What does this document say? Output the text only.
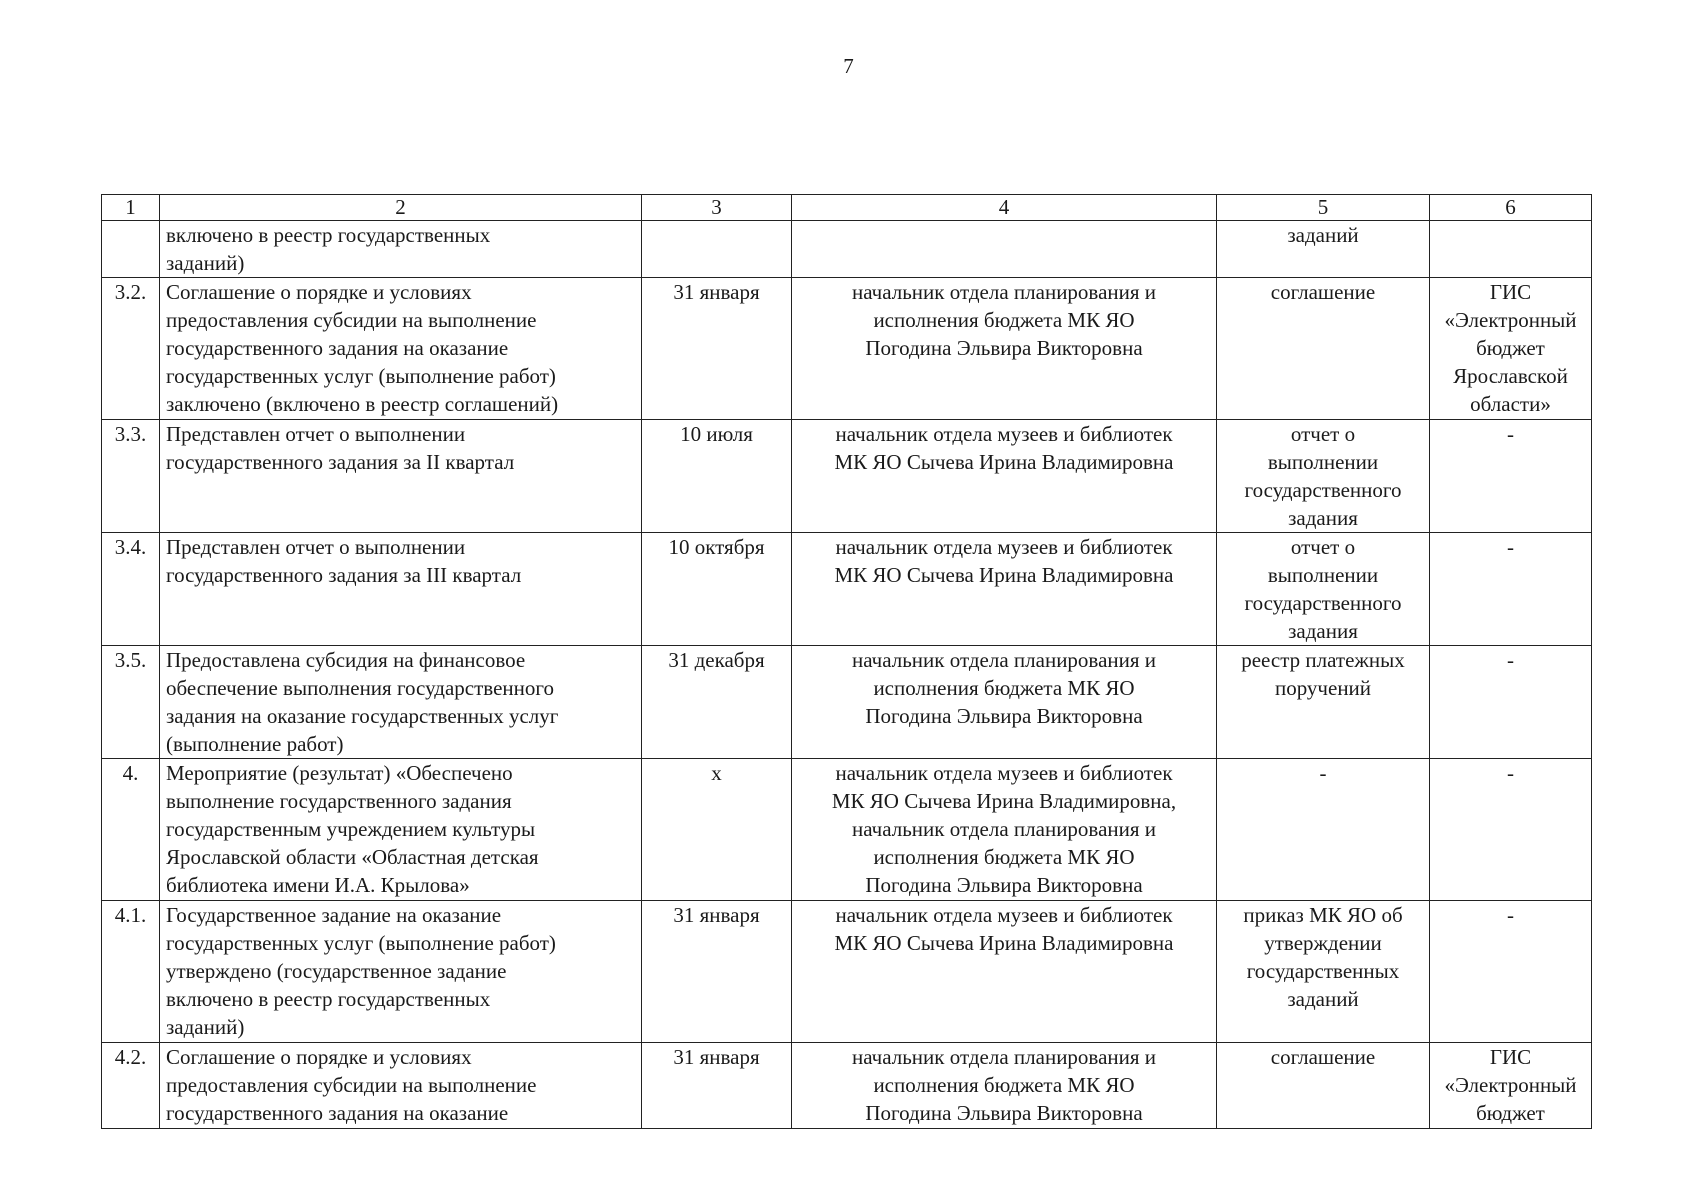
7
1	2	3	4	5	6
	включено в реестр государственных
заданий)			заданий	
3.2.	Соглашение о порядке и условиях
предоставления субсидии на выполнение
государственного задания на оказание
государственных услуг (выполнение работ)
заключено (включено в реестр соглашений)	31 января	начальник отдела планирования и
исполнения бюджета МК ЯО
Погодина Эльвира Викторовна	соглашение	ГИС
«Электронный
бюджет
Ярославской
области»
3.3.	Представлен отчет о выполнении
государственного задания за II квартал	10 июля	начальник отдела музеев и библиотек
МК ЯО Сычева Ирина Владимировна	отчет о
выполнении
государственного
задания	-
3.4.	Представлен отчет о выполнении
государственного задания за III квартал	10 октября	начальник отдела музеев и библиотек
МК ЯО Сычева Ирина Владимировна	отчет о
выполнении
государственного
задания	-
3.5.	Предоставлена субсидия на финансовое
обеспечение выполнения государственного
задания на оказание государственных услуг
(выполнение работ)	31 декабря	начальник отдела планирования и
исполнения бюджета МК ЯО
Погодина Эльвира Викторовна	реестр платежных
поручений	-
4.	Мероприятие (результат) «Обеспечено
выполнение государственного задания
государственным учреждением культуры
Ярославской области «Областная детская
библиотека имени И.А. Крылова»	х	начальник отдела музеев и библиотек
МК ЯО Сычева Ирина Владимировна,
начальник отдела планирования и
исполнения бюджета МК ЯО
Погодина Эльвира Викторовна	-	-
4.1.	Государственное задание на оказание
государственных услуг (выполнение работ)
утверждено (государственное задание
включено в реестр государственных
заданий)	31 января	начальник отдела музеев и библиотек
МК ЯО Сычева Ирина Владимировна	приказ МК ЯО об
утверждении
государственных
заданий	-
4.2.	Соглашение о порядке и условиях
предоставления субсидии на выполнение
государственного задания на оказание	31 января	начальник отдела планирования и
исполнения бюджета МК ЯО
Погодина Эльвира Викторовна	соглашение	ГИС
«Электронный
бюджет
